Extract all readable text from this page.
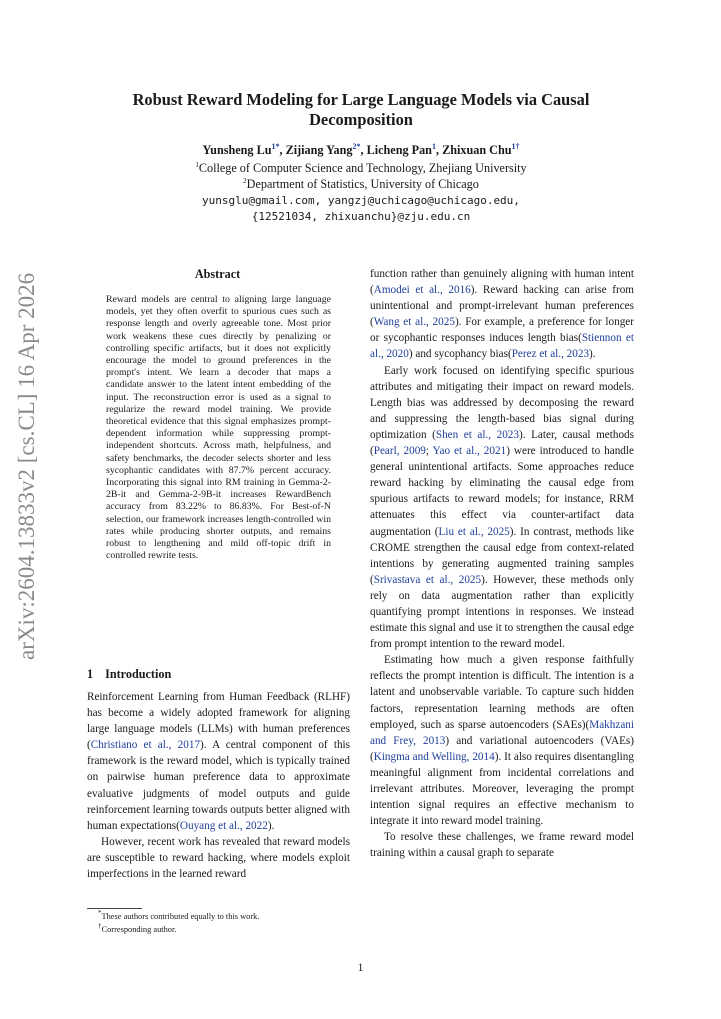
arXiv:2604.13833v2 [cs.CL] 16 Apr 2026
Robust Reward Modeling for Large Language Models via Causal Decomposition
Yunsheng $Lu^{1*}$, Zijiang Yang$^{2*}$, Licheng Pan$^1$, Zhixuan Chu$^{1\dagger}$
$^1$College of Computer Science and Technology, Zhejiang University
$^2$Department of Statistics, University of Chicago
yunsglu@gmail.com, yangzj@uchicago@uchicago.edu,
{12521034, zhixuanchu}@zju.edu.cn
Abstract
Reward models are central to aligning large language models, yet they often overfit to spurious cues such as response length and overly agreeable tone. Most prior work weakens these cues directly by penalizing or controlling specific artifacts, but it does not explicitly encourage the model to ground preferences in the prompt's intent. We learn a decoder that maps a candidate answer to the latent intent embedding of the input. The reconstruction error is used as a signal to regularize the reward model training. We provide theoretical evidence that this signal emphasizes prompt-dependent information while suppressing prompt-independent shortcuts. Across math, helpfulness, and safety benchmarks, the decoder selects shorter and less sycophantic candidates with 87.7% percent accuracy. Incorporating this signal into RM training in Gemma-2-2B-it and Gemma-2-9B-it increases RewardBench accuracy from 83.22% to 86.83%. For Best-of-N selection, our framework increases length-controlled win rates while producing shorter outputs, and remains robust to lengthening and mild off-topic drift in controlled rewrite tests.
1 Introduction

Reinforcement Learning from Human Feedback (RLHF) has become a widely adopted framework for aligning large language models (LLMs) with human preferences (Christiano et al., 2017). A central component of this framework is the reward model, which is typically trained on pairwise human preference data to approximate evaluative judgments of model outputs and guide reinforcement learning towards outputs better aligned with human expectations(Ouyang et al., 2022).

However, recent work has revealed that reward models are susceptible to reward hacking, where models exploit imperfections in the learned reward

function rather than genuinely aligning with human intent (Amodei et al., 2016). Reward hacking can arise from unintentional and prompt-irrelevant human preferences (Wang et al., 2025). For example, a preference for longer or sycophantic responses induces length bias(Stiennon et al., 2020) and sycophancy bias(Perez et al., 2023).

Early work focused on identifying specific spurious attributes and mitigating their impact on reward models. Length bias was addressed by decomposing the reward and suppressing the length-based bias signal during optimization (Shen et al., 2023). Later, causal methods (Pearl, 2009; Yao et al., 2021) were introduced to handle general unintentional artifacts. Some approaches reduce reward hacking by eliminating the causal edge from spurious artifacts to reward models; for instance, RRM attenuates this effect via counter-artifact data augmentation (Liu et al., 2025). In contrast, methods like CROME strengthen the causal edge from context-related intentions by generating augmented training samples (Srivastava et al., 2025). However, these methods only rely on data augmentation rather than explicitly quantifying prompt intentions in responses. We instead estimate this signal and use it to strengthen the causal edge from prompt intention to the reward model.

Estimating how much a given response faithfully reflects the prompt intention is difficult. The intention is a latent and unobservable variable. To capture such hidden factors, representation learning methods are often employed, such as sparse autoencoders (SAEs)(Makhzani and Frey, 2013) and variational autoencoders (VAEs)(Kingma and Welling, 2014). It also requires disentangling meaningful alignment from incidental correlations and irrelevant attributes. Moreover, leveraging the prompt intention signal requires an effective mechanism to integrate it into reward model training.

To resolve these challenges, we frame reward model training within a causal graph to separate

*These authors contributed equally to this work.
†Corresponding author.
1
